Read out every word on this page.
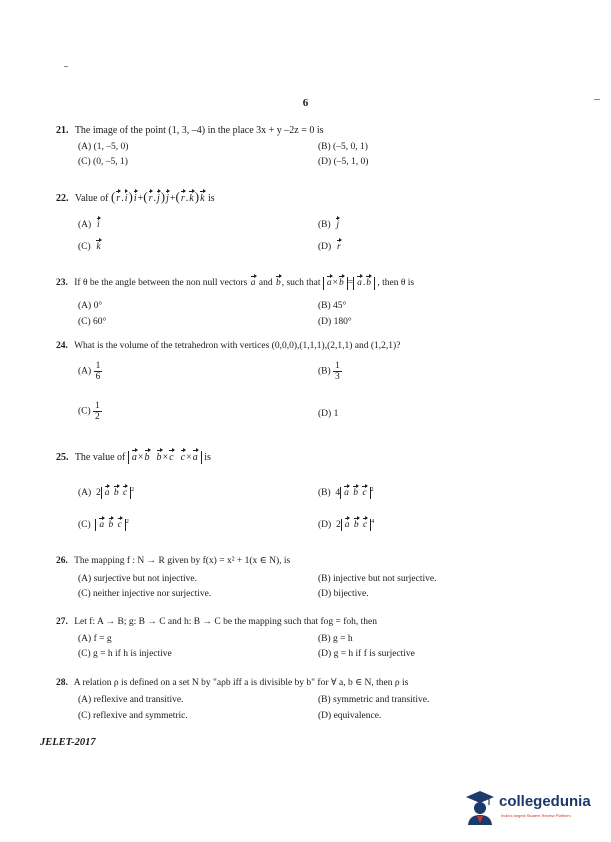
6
21. The image of the point (1, 3, –4) in the place 3x + y –2z = 0 is
(A) (1, –5, 0)	(B) (–5, 0, 1)
(C) (0, –5, 1)	(D) (–5, 1, 0)
22. Value of (r.i)i+(r.j)j+(r.k)k is
(A) i	(B) j
(C) k	(D) r
23. If θ be the angle between the non null vectors a and b, such that a×b = a.b , then θ is
(A) 0°	(B) 45°
(C) 60°	(D) 180°
24. What is the volume of the tetrahedron with vertices (0,0,0),(1,1,1),(2,1,1) and (1,2,1)?
$(A) \frac{1}{6}$	$(B) \frac{1}{3}$
$(C) \frac{1}{2}$	(D) 1
25. The value of a×b b×c c×a is
(A) 2 a b c $^2$	(B) 4 a b c $^2$
(C) a b c $^2$	(D) 2 a b c $^4$
26. The mapping f : N → R given by f(x) = x² + 1(x ∈ N), is
(A) surjective but not injective.	(B) injective but not surjective.
(C) neither injective nor surjective.	(D) bijective.
27. Let f: A → B; g: B → C and h: B → C be the mapping such that fog = foh, then
(A) f = g	(B) g = h
(C) g = h if h is injective	(D) g = h if f is surjective
28. A relation ρ is defined on a set N by "aρb iff a is divisible by b" for ∀ a, b ∈ N, then ρ is
(A) reflexive and transitive.	(B) symmetric and transitive.
(C) reflexive and symmetric.	(D) equivalence.
JELET-2017
collegedunia
India's largest Student Review Platform
